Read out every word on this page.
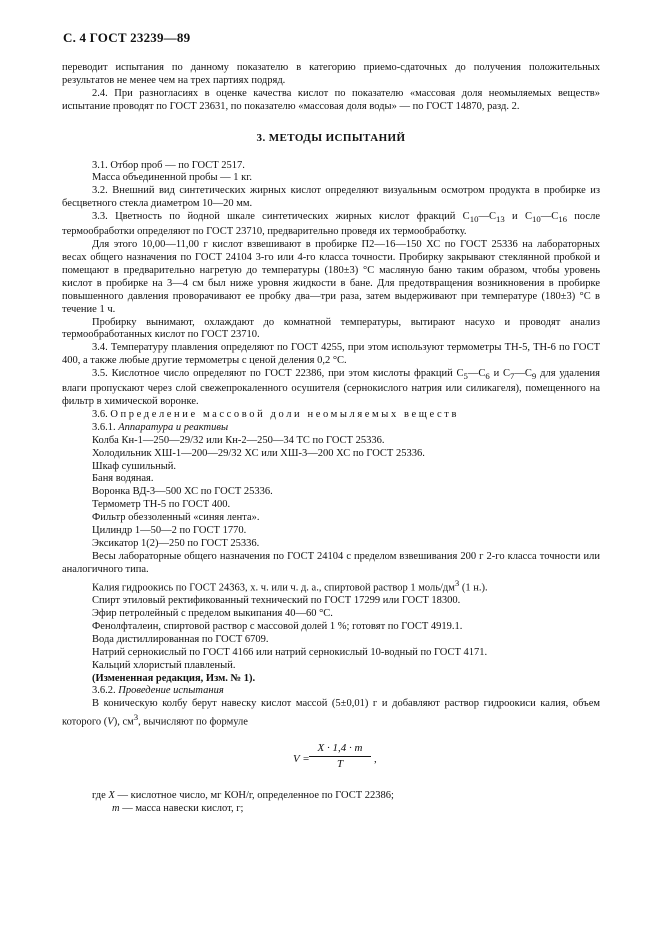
С. 4 ГОСТ 23239—89

переводит испытания по данному показателю в категорию приемо-сдаточных до получения положительных результатов не менее чем на трех партиях подряд.

2.4. При разногласиях в оценке качества кислот по показателю «массовая доля неомыляемых веществ» испытание проводят по ГОСТ 23631, по показателю «массовая доля воды» — по ГОСТ 14870, разд. 2.

3. МЕТОДЫ ИСПЫТАНИЙ

3.1. Отбор проб — по ГОСТ 2517.

Масса объединенной пробы — 1 кг.

3.2. Внешний вид синтетических жирных кислот определяют визуальным осмотром продукта в пробирке из бесцветного стекла диаметром 10—20 мм.

3.3. Цветность по йодной шкале синтетических жирных кислот фракций $С_{10}—С_{13}$ и $С_{10}—С_{16}$ после термообработки определяют по ГОСТ 23710, предварительно проведя их термообработку.

Для этого 10,00—11,00 г кислот взвешивают в пробирке П2—16—150 ХС по ГОСТ 25336 на лабораторных весах общего назначения по ГОСТ 24104 3-го или 4-го класса точности. Пробирку закрывают стеклянной пробкой и помещают в предварительно нагретую до температуры (180±3) °С масляную баню таким образом, чтобы уровень кислот в пробирке на 3—4 см был ниже уровня жидкости в бане. Для предотвращения возникновения в пробирке повышенного давления проворачивают ее пробку два—три раза, затем выдерживают при температуре (180±3) °С в течение 1 ч.

Пробирку вынимают, охлаждают до комнатной температуры, вытирают насухо и проводят анализ термообработанных кислот по ГОСТ 23710.

3.4. Температуру плавления определяют по ГОСТ 4255, при этом используют термометры ТН-5, ТН-6 по ГОСТ 400, а также любые другие термометры с ценой деления 0,2 °С.

3.5. Кислотное число определяют по ГОСТ 22386, при этом кислоты фракций $С_5—С_6$ и $С_7—С_9$ для удаления влаги пропускают через слой свежепрокаленного осушителя (сернокислого натрия или силикагеля), помещенного на фильтр в химической воронке.

3.6. Определение массовой доли неомыляемых веществ

3.6.1. Аппаратура и реактивы

Колба Кн-1—250—29/32 или Кн-2—250—34 ТС по ГОСТ 25336.

Холодильник ХШ-1—200—29/32 ХС или ХШ-3—200 ХС по ГОСТ 25336.

Шкаф сушильный.

Баня водяная.

Воронка ВД-3—500 ХС по ГОСТ 25336.

Термометр ТН-5 по ГОСТ 400.

Фильтр обеззоленный «синяя лента».

Цилиндр 1—50—2 по ГОСТ 1770.

Эксикатор 1(2)—250 по ГОСТ 25336.

Весы лабораторные общего назначения по ГОСТ 24104 с пределом взвешивания 200 г 2-го класса точности или аналогичного типа.

Калия гидроокись по ГОСТ 24363, х. ч. или ч. д. а., спиртовой раствор 1 моль/$дм^3$ (1 н.).

Спирт этиловый ректификованный технический по ГОСТ 17299 или ГОСТ 18300.

Эфир петролейный с пределом выкипания 40—60 °С.

Фенолфталеин, спиртовой раствор с массовой долей 1 %; готовят по ГОСТ 4919.1.

Вода дистиллированная по ГОСТ 6709.

Натрий сернокислый по ГОСТ 4166 или натрий сернокислый 10-водный по ГОСТ 4171.

Кальций хлористый плавленый.

(Измененная редакция, Изм. № 1).

3.6.2. Проведение испытания

В коническую колбу берут навеску кислот массой (5±0,01) г и добавляют раствор гидроокиси калия, объем которого (V), $см^3$, вычисляют по формуле

$V = \frac{X \cdot 1,4 \cdot m}{T}$ ,

где X — кислотное число, мг КОН/г, определенное по ГОСТ 22386;

m — масса навески кислот, г;
